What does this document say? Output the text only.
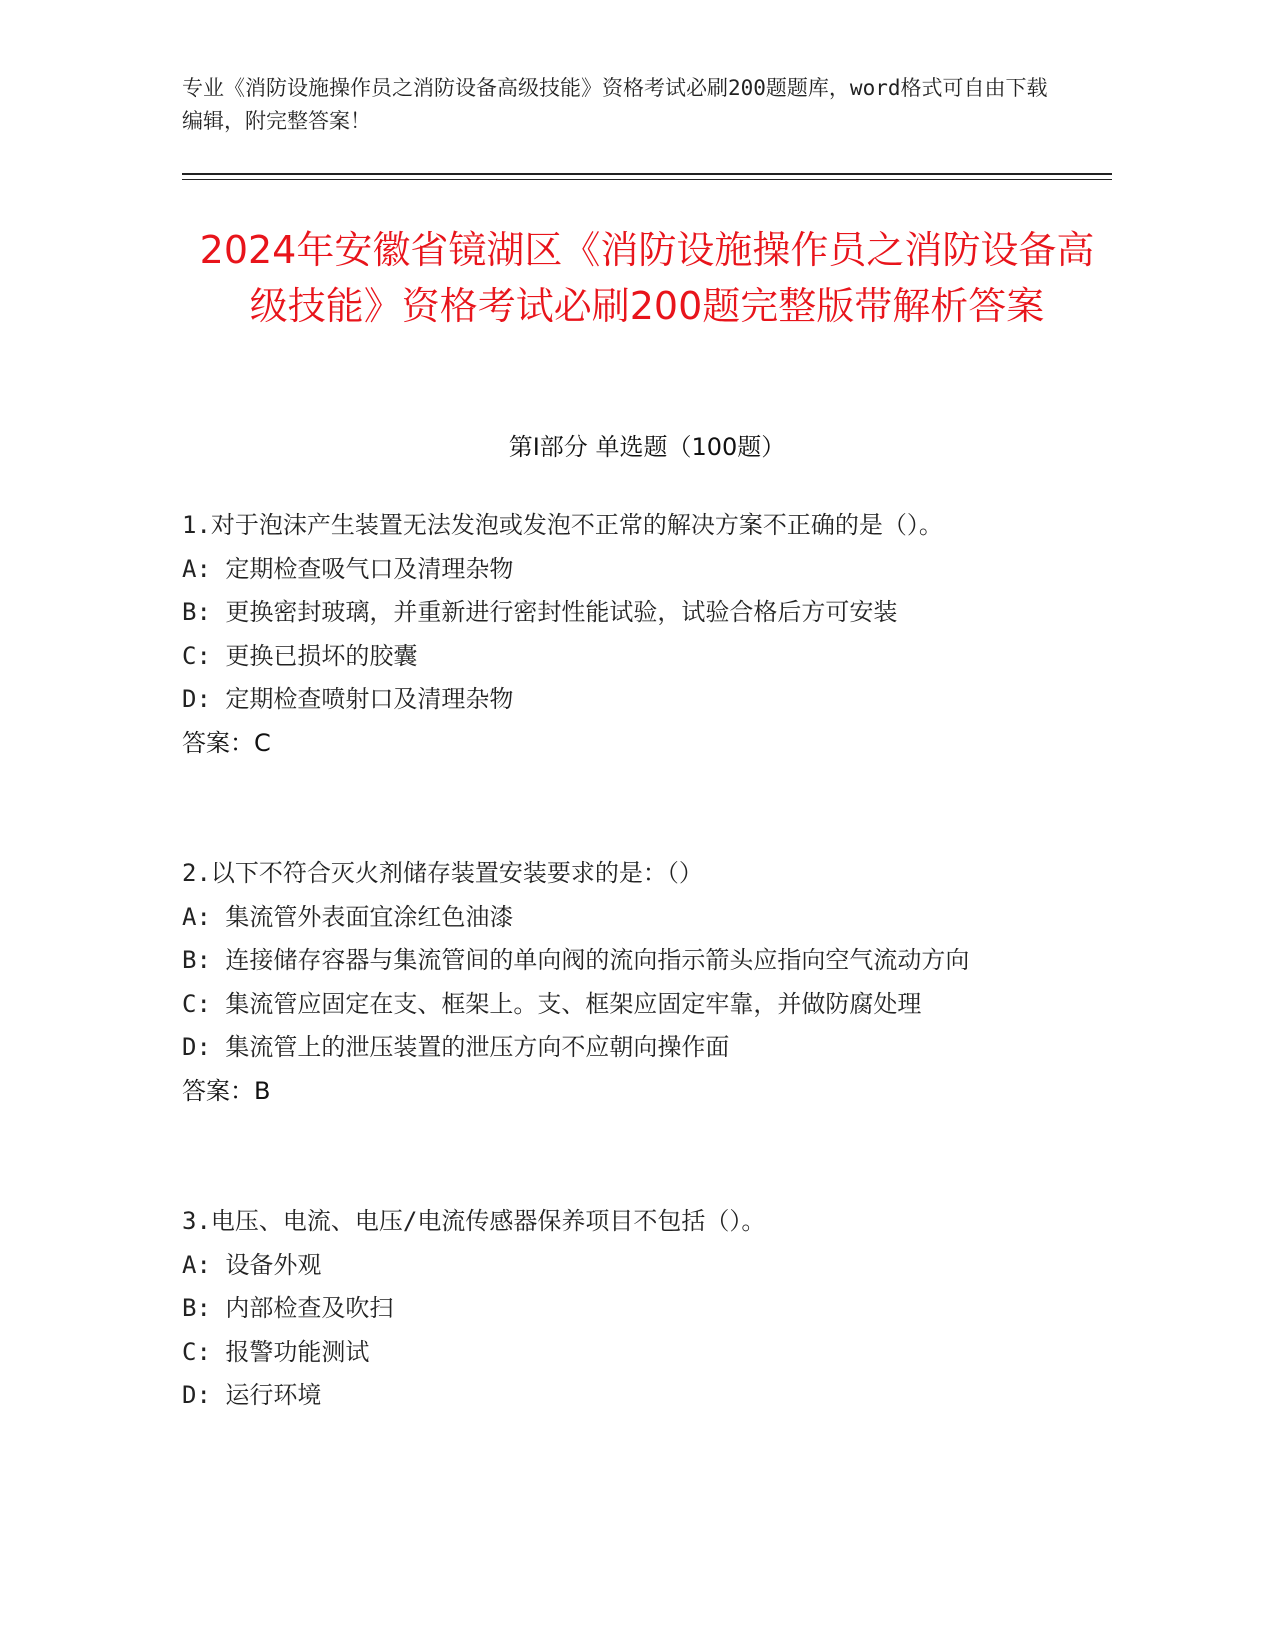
专业《消防设施操作员之消防设备高级技能》资格考试必刷200题题库，word格式可自由下载编辑，附完整答案！
2024年安徽省镜湖区《消防设施操作员之消防设备高级技能》资格考试必刷200题完整版带解析答案
第I部分 单选题（100题）
1.对于泡沫产生装置无法发泡或发泡不正常的解决方案不正确的是（）。
A: 定期检查吸气口及清理杂物
B: 更换密封玻璃，并重新进行密封性能试验，试验合格后方可安装
C: 更换已损坏的胶囊
D: 定期检查喷射口及清理杂物
答案：C
2.以下不符合灭火剂储存装置安装要求的是：（）
A: 集流管外表面宜涂红色油漆
B: 连接储存容器与集流管间的单向阀的流向指示箭头应指向空气流动方向
C: 集流管应固定在支、框架上。支、框架应固定牢靠，并做防腐处理
D: 集流管上的泄压装置的泄压方向不应朝向操作面
答案：B
3.电压、电流、电压/电流传感器保养项目不包括（）。
A: 设备外观
B: 内部检查及吹扫
C: 报警功能测试
D: 运行环境
